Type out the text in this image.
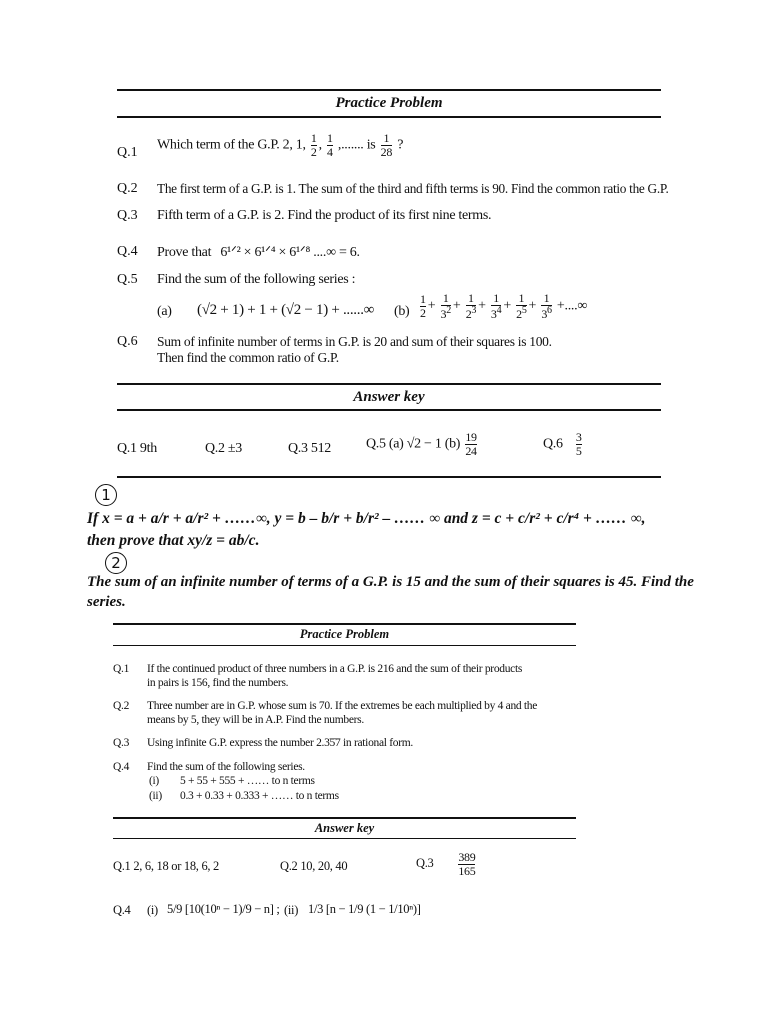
Practice Problem
Q.1
Which term of the G.P. 2, 1, $\frac{1}{2}$ , $\frac{1}{4}$ ,....... is $\frac{1}{28}$ ?
Q.2 The first term of a G.P. is 1. The sum of the third and fifth terms is 90. Find the common ratio the G.P.
Q.3 Fifth term of a G.P. is 2. Find the product of its first nine terms.
Q.4 Prove that 6¹ᐟ² × 6¹ᐟ⁴ × 6¹ᐟ⁸ ....∞ = 6.
Q.5 Find the sum of the following series :
(a) (√2 + 1) + 1 + (√2 − 1) + ......∞ $(b) \frac{1}{2} + \frac{1}{3^2} + \frac{1}{2^3} + \frac{1}{3^4} + \frac{1}{2^5} + \frac{1}{3^6}$ +....∞
Q.6 Sum of infinite number of terms in G.P. is 20 and sum of their squares is 100.
Then find the common ratio of G.P.
Answer key
Q.1 9th	Q.2 ±3	Q.3 512 Q.5 (a) √2 − 1 $(b) \frac{19}{24}$	$Q.6 \frac{3}{5}$
1
If x = a + a/r + a/r² + ……∞, y = b – b/r + b/r² – …… ∞ and z = c + c/r² + c/r⁴ + …… ∞,
then prove that xy/z = ab/c.
2
The sum of an infinite number of terms of a G.P. is 15 and the sum of their squares is 45. Find the
series.
Practice Problem
Q.1 If the continued product of three numbers in a G.P. is 216 and the sum of their products
in pairs is 156, find the numbers.
Q.2 Three number are in G.P. whose sum is 70. If the extremes be each multiplied by 4 and the
means by 5, they will be in A.P. Find the numbers.
Q.3 Using infinite G.P. express the number 2.3͞57 in rational form.
Q.4 Find the sum of the following series.
(i) 5 + 55 + 555 + …… to n terms
(ii) 0.3 + 0.33 + 0.333 + …… to n terms
Answer key
Q.1 2, 6, 18 or 18, 6, 2	Q.2 10, 20, 40	$Q.3 \frac{389}{165}$
Q.4 (i) 5/9 [10(10ⁿ − 1)/9 − n] ; (ii) 1/3 [n − 1/9 (1 − 1/10ⁿ)]
